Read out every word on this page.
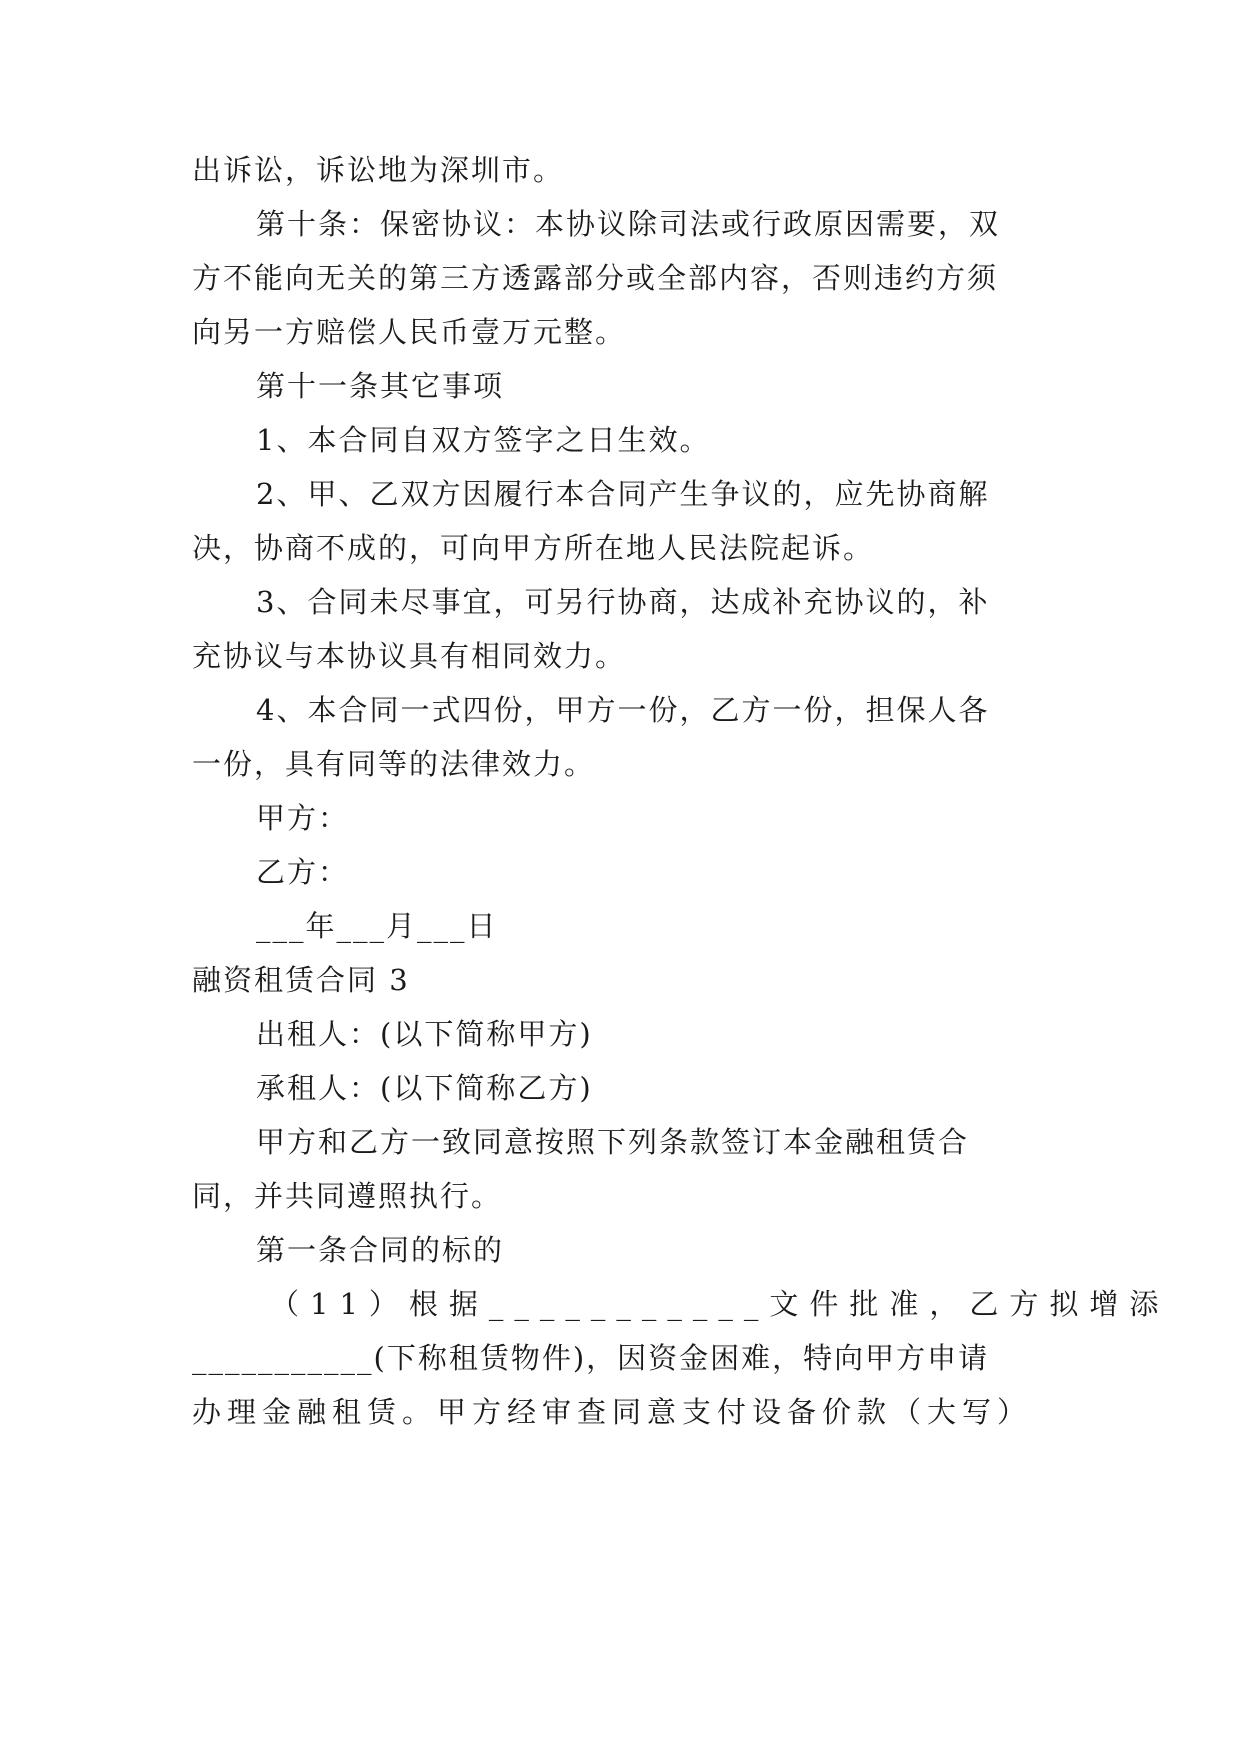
出诉讼，诉讼地为深圳市。
第十条：保密协议：本协议除司法或行政原因需要，双
方不能向无关的第三方透露部分或全部内容，否则违约方须
向另一方赔偿人民币壹万元整。
第十一条其它事项
1、本合同自双方签字之日生效。
2、甲、乙双方因履行本合同产生争议的，应先协商解
决，协商不成的，可向甲方所在地人民法院起诉。
3、合同未尽事宜，可另行协商，达成补充协议的，补
充协议与本协议具有相同效力。
4、本合同一式四份，甲方一份，乙方一份，担保人各
一份，具有同等的法律效力。
甲方：
乙方：
___年___月___日
融资租赁合同 3
出租人：(以下简称甲方)
承租人：(以下简称乙方)
甲方和乙方一致同意按照下列条款签订本金融租赁合
同，并共同遵照执行。
第一条合同的标的
（11）根据___________文件批准，乙方拟增添
___________(下称租赁物件)，因资金困难，特向甲方申请
办理金融租赁。甲方经审查同意支付设备价款（大写）
